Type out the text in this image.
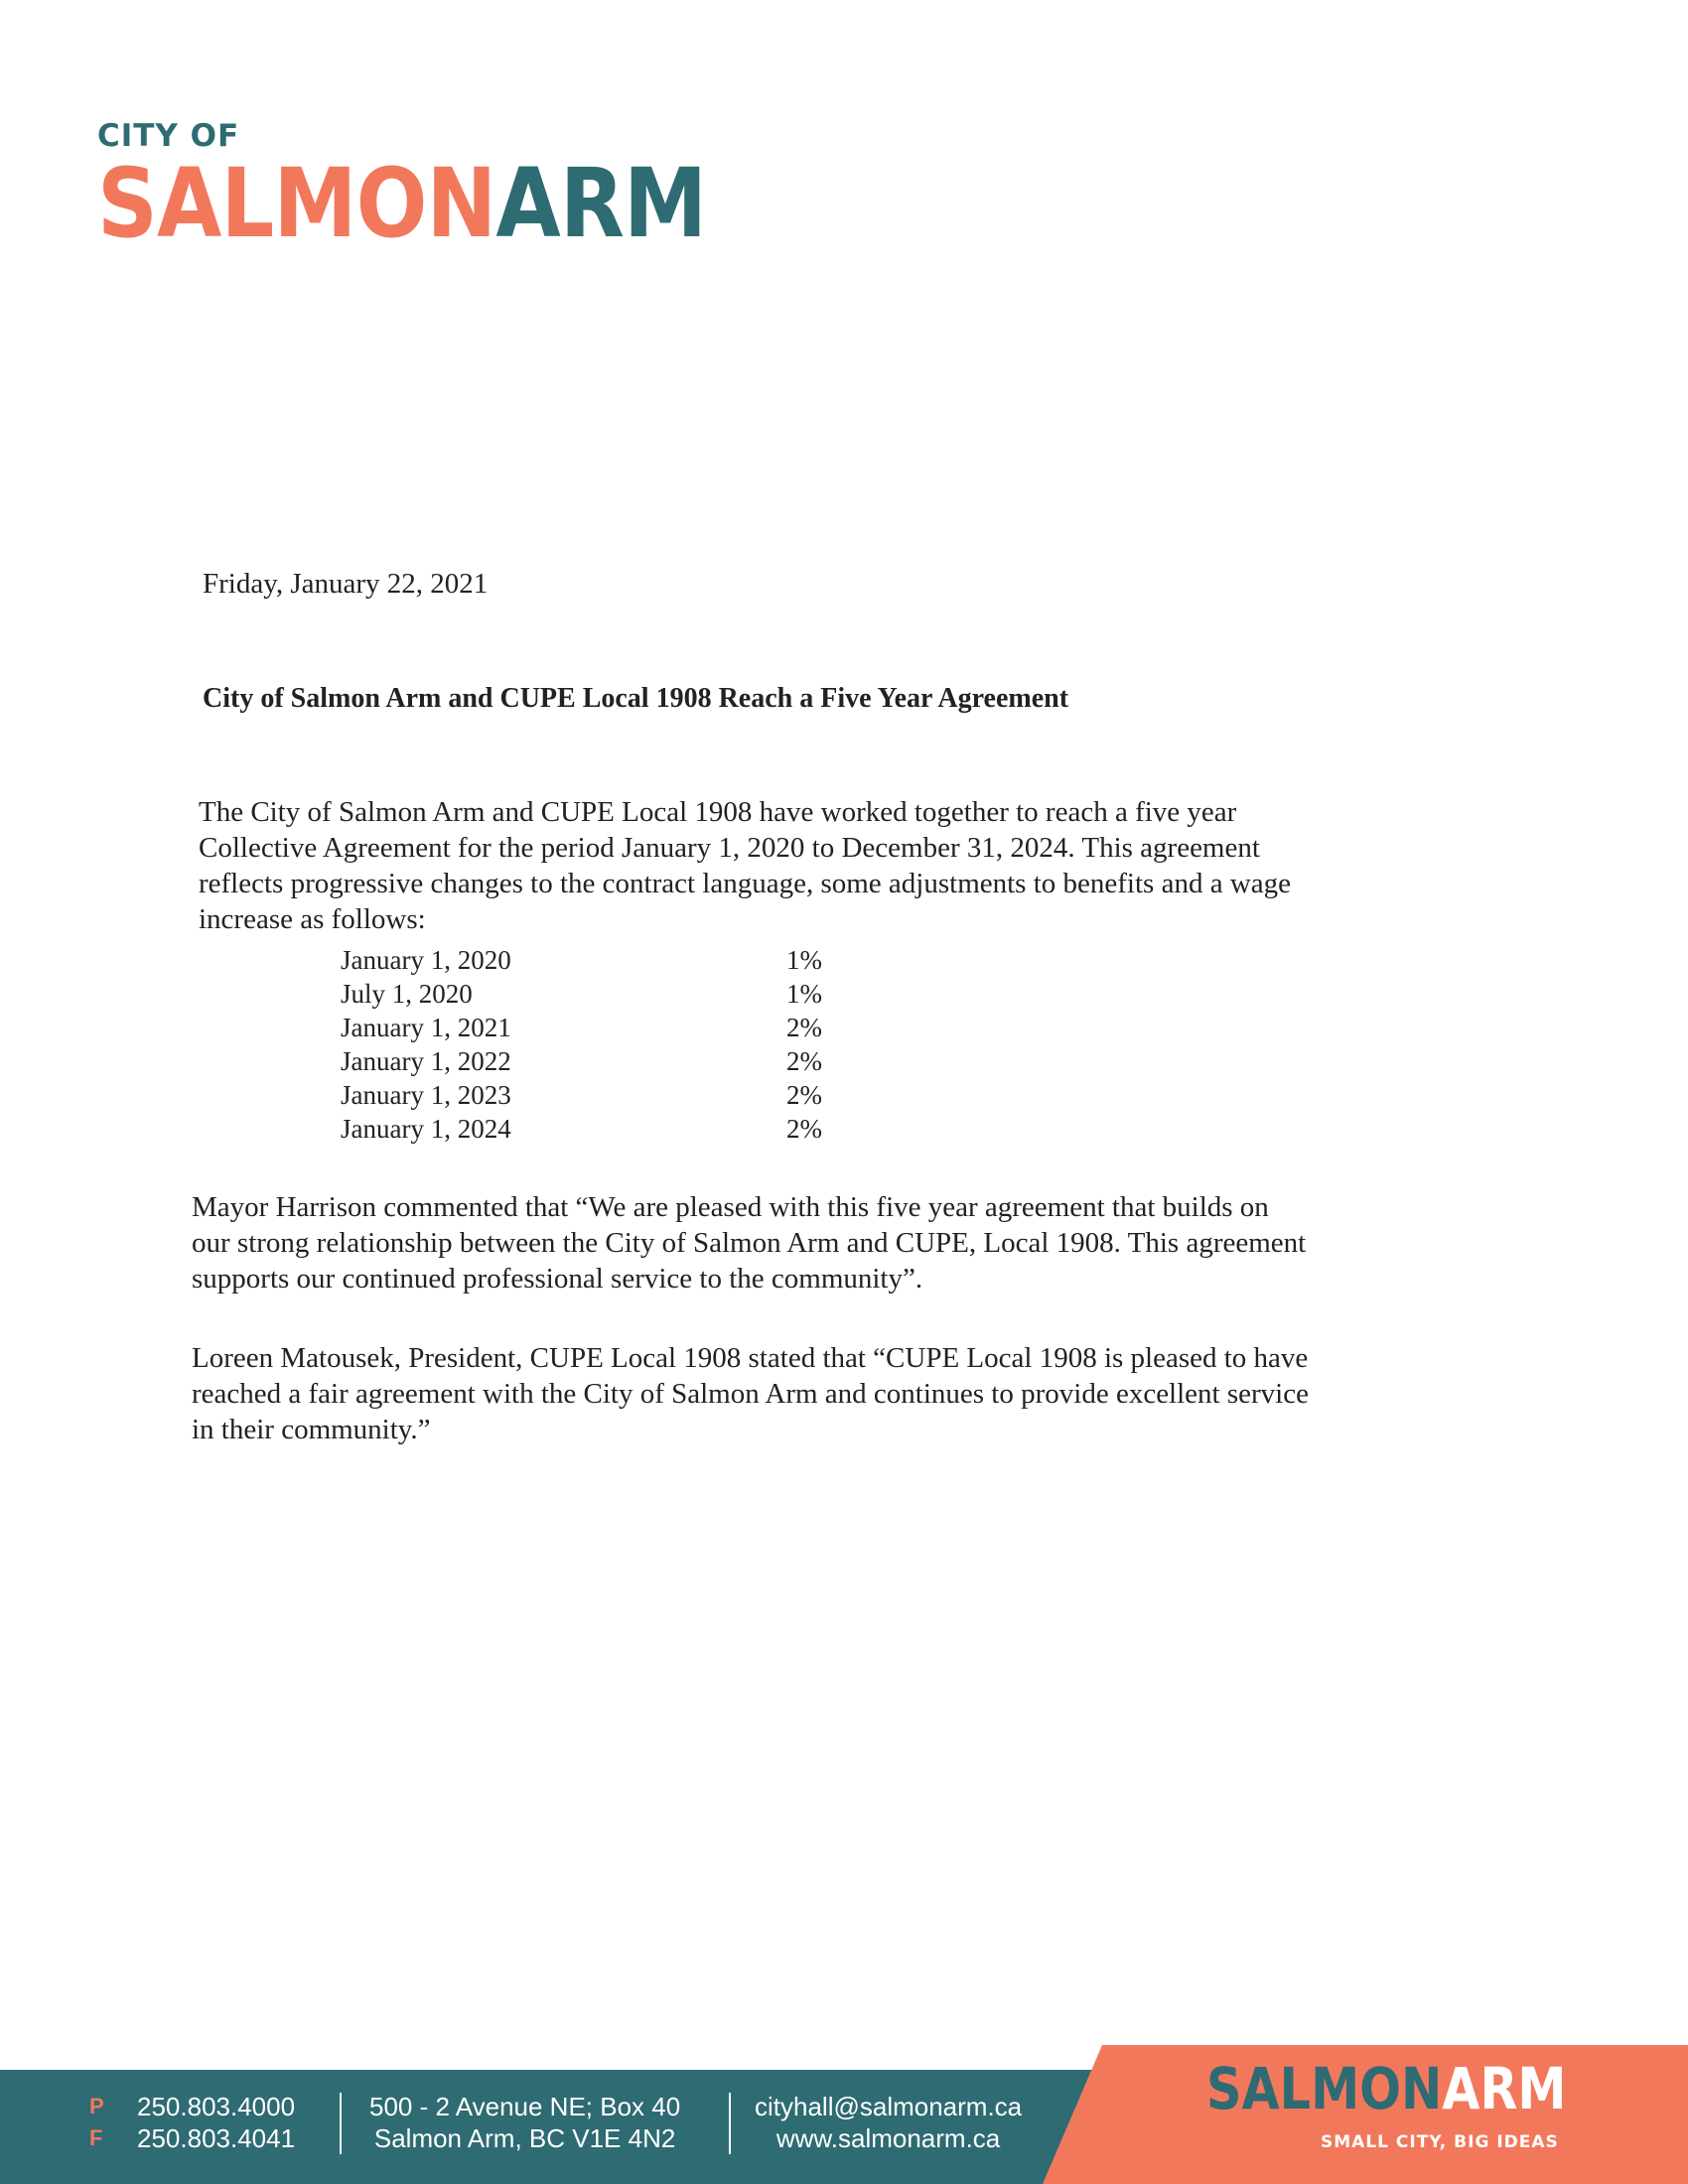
CITY OF
SALMONARM
Friday, January 22, 2021
City of Salmon Arm and CUPE Local 1908 Reach a Five Year Agreement
The City of Salmon Arm and CUPE Local 1908 have worked together to reach a five year
Collective Agreement for the period January 1, 2020 to December 31, 2024. This agreement
reflects progressive changes to the contract language, some adjustments to benefits and a wage
increase as follows:
January 1, 2020	1%
July 1, 2020	1%
January 1, 2021	2%
January 1, 2022	2%
January 1, 2023	2%
January 1, 2024	2%
Mayor Harrison commented that “We are pleased with this five year agreement that builds on
our strong relationship between the City of Salmon Arm and CUPE, Local 1908. This agreement
supports our continued professional service to the community”.
Loreen Matousek, President, CUPE Local 1908 stated that “CUPE Local 1908 is pleased to have
reached a fair agreement with the City of Salmon Arm and continues to provide excellent service
in their community.”
P
F
250.803.4000
250.803.4041
500 - 2 Avenue NE; Box 40
Salmon Arm, BC V1E 4N2
cityhall@salmonarm.ca
www.salmonarm.ca
SALMONARM
SMALL CITY, BIG IDEAS
